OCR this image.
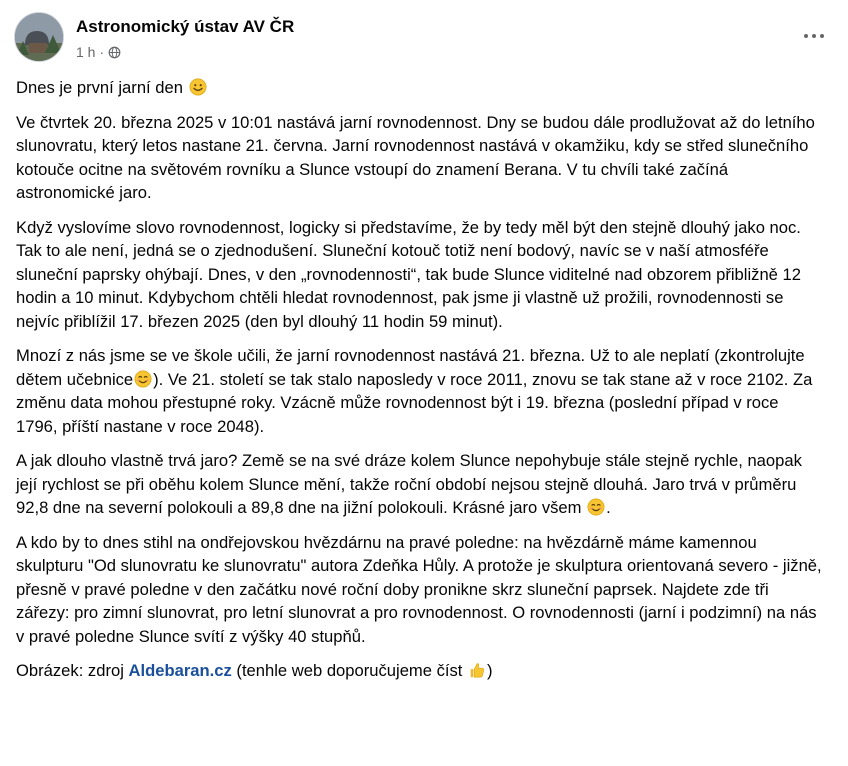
Astronomický ústav AV ČR
1 h ·

Dnes je první jarní den

Ve čtvrtek 20. března 2025 v 10:01 nastává jarní rovnodennost. Dny se budou dále prodlužovat až do letního slunovratu, který letos nastane 21. června. Jarní rovnodennost nastává v okamžiku, kdy se střed slunečního kotouče ocitne na světovém rovníku a Slunce vstoupí do znamení Berana. V tu chvíli také začíná astronomické jaro.

Když vyslovíme slovo rovnodennost, logicky si představíme, že by tedy měl být den stejně dlouhý jako noc. Tak to ale není, jedná se o zjednodušení. Sluneční kotouč totiž není bodový, navíc se v naší atmosféře sluneční paprsky ohýbají. Dnes, v den „rovnodennosti“, tak bude Slunce viditelné nad obzorem přibližně 12 hodin a 10 minut. Kdybychom chtěli hledat rovnodennost, pak jsme ji vlastně už prožili, rovnodennosti se nejvíc přiblížil 17. březen 2025 (den byl dlouhý 11 hodin 59 minut).

Mnozí z nás jsme se ve škole učili, že jarní rovnodennost nastává 21. března. Už to ale neplatí (zkontrolujte dětem učebnice ). Ve 21. století se tak stalo naposledy v roce 2011, znovu se tak stane až v roce 2102. Za změnu data mohou přestupné roky. Vzácně může rovnodennost být i 19. března (poslední případ v roce 1796, příští nastane v roce 2048).

A jak dlouho vlastně trvá jaro? Země se na své dráze kolem Slunce nepohybuje stále stejně rychle, naopak její rychlost se při oběhu kolem Slunce mění, takže roční období nejsou stejně dlouhá. Jaro trvá v průměru 92,8 dne na severní polokouli a 89,8 dne na jižní polokouli. Krásné jaro všem .

A kdo by to dnes stihl na ondřejovskou hvězdárnu na pravé poledne: na hvězdárně máme kamennou skulpturu "Od slunovratu ke slunovratu" autora Zdeňka Hůly. A protože je skulptura orientovaná severo - jižně, přesně v pravé poledne v den začátku nové roční doby pronikne skrz sluneční paprsek. Najdete zde tři zářezy: pro zimní slunovrat, pro letní slunovrat a pro rovnodennost. O rovnodennosti (jarní i podzimní) na nás v pravé poledne Slunce svítí z výšky 40 stupňů.

Obrázek: zdroj Aldebaran.cz (tenhle web doporučujeme číst )
